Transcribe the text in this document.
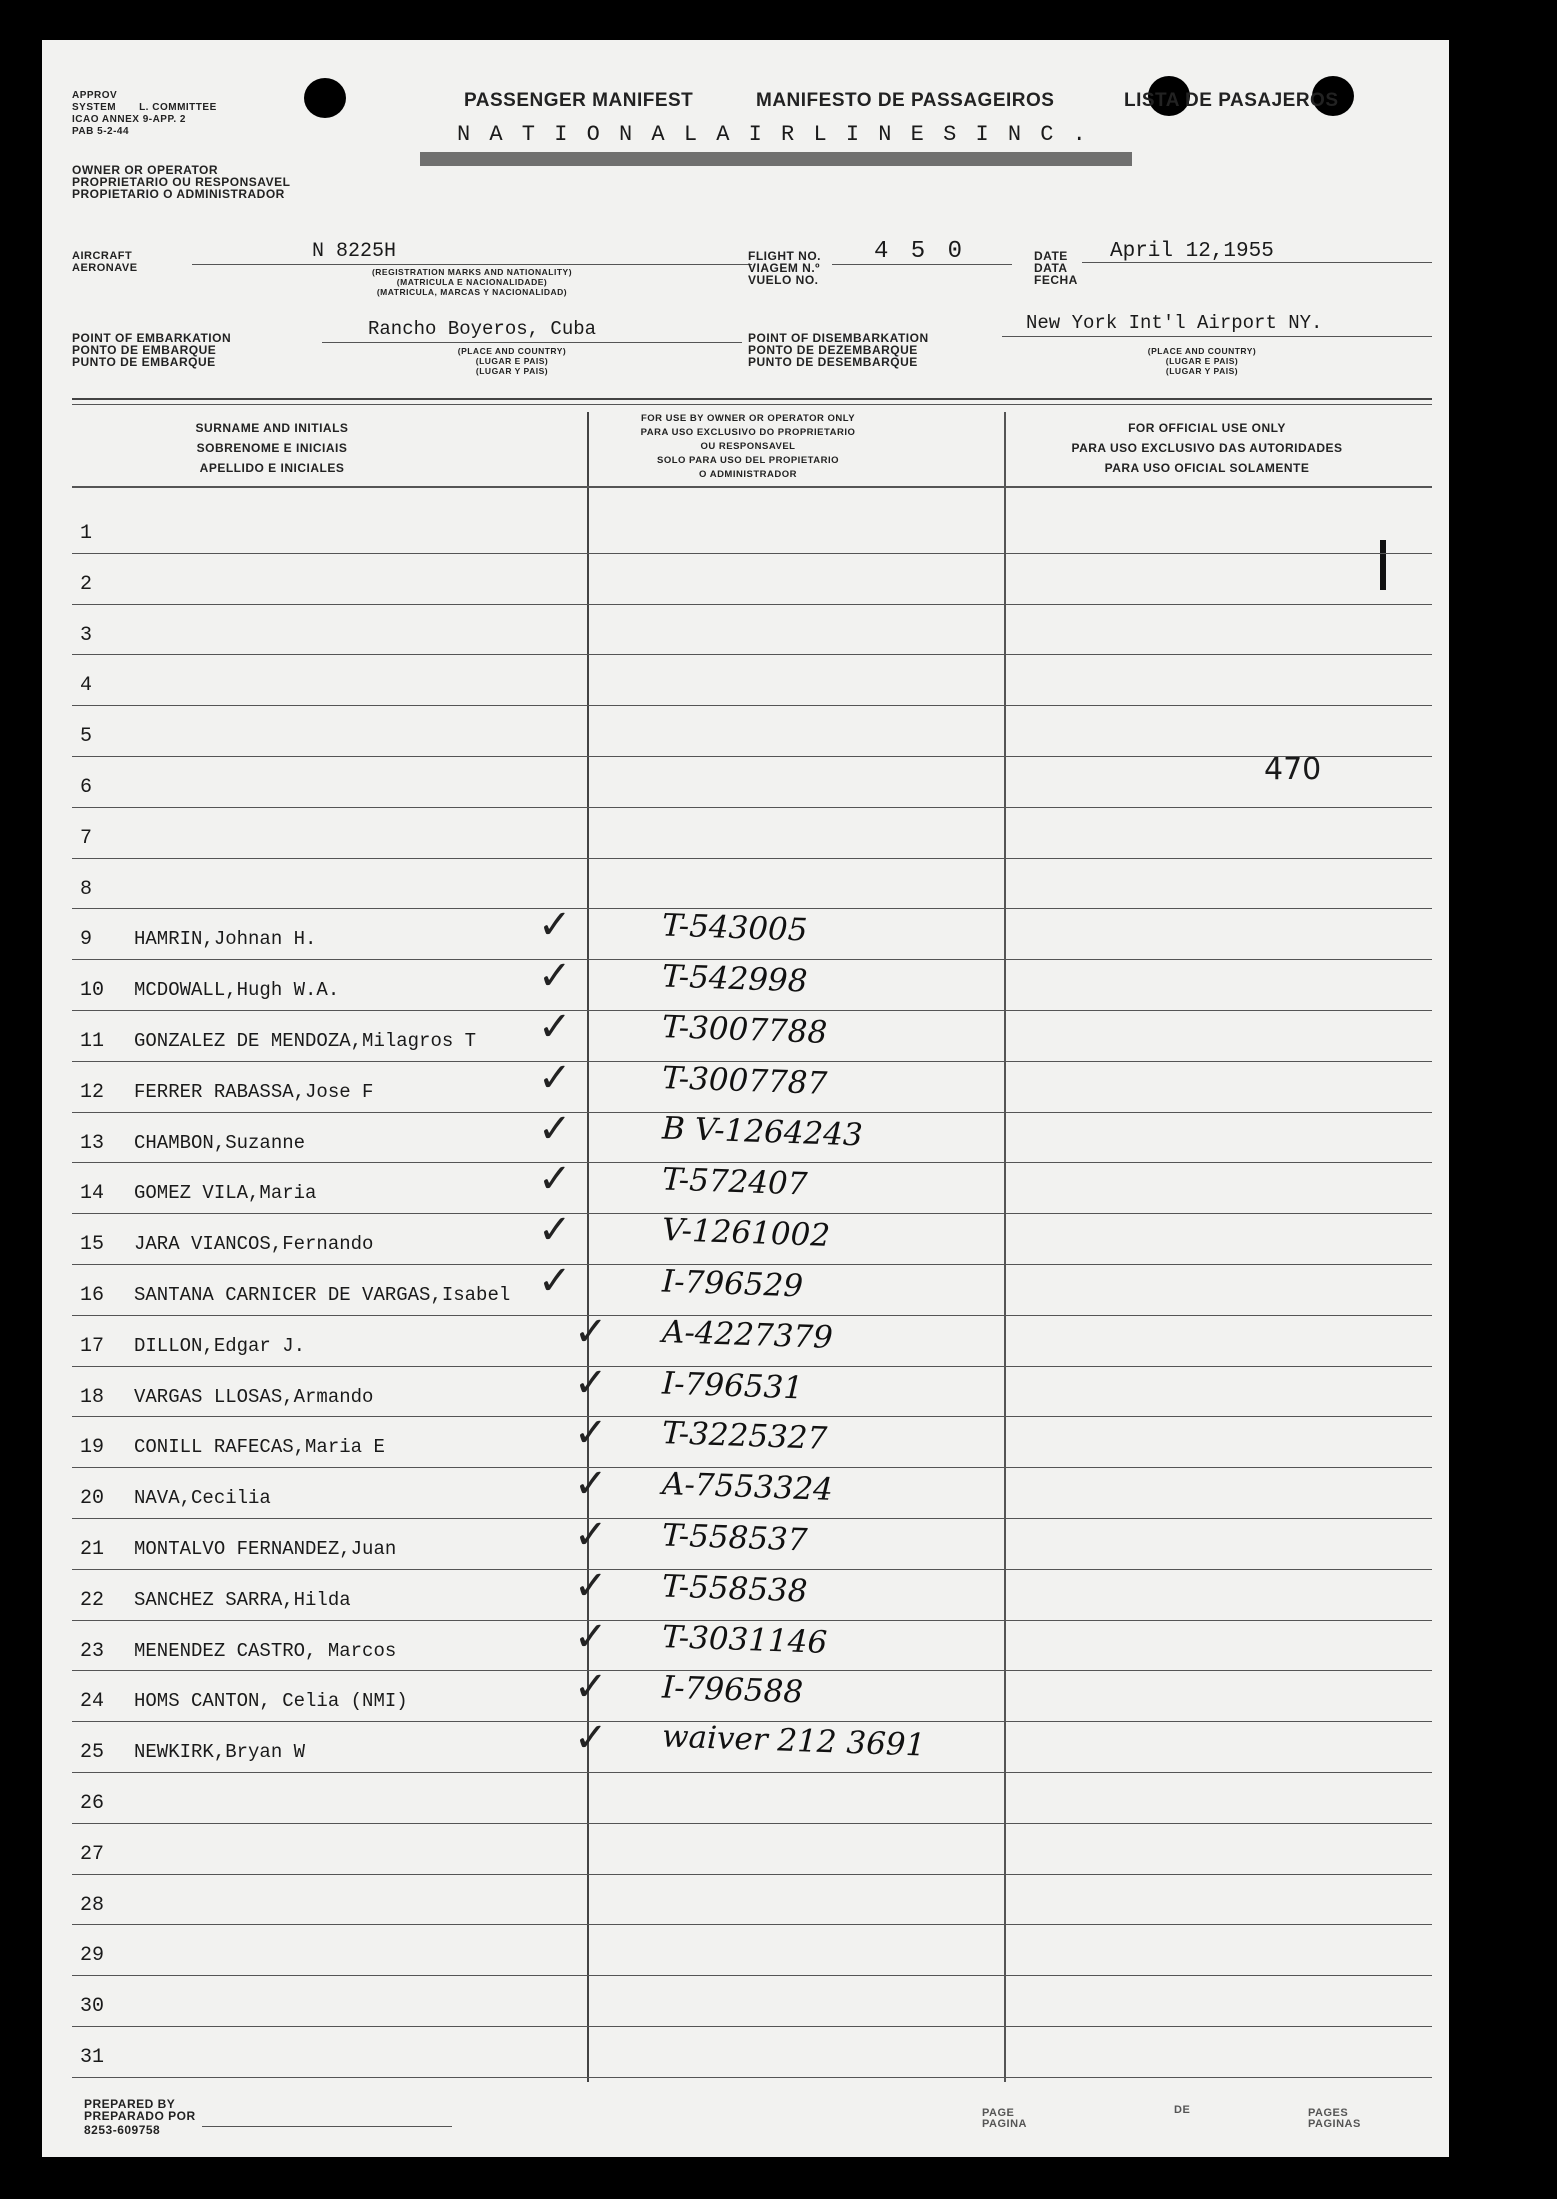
APPROV
SYSTEM L. COMMITTEE
ICAO ANNEX 9-APP. 2
PAB 5-2-44
PASSENGER MANIFEST	MANIFESTO DE PASSAGEIROS	LISTA DE PASAJEROS
N A T I O N A L A I R L I N E S I N C .
OWNER OR OPERATOR
PROPRIETARIO OU RESPONSAVEL
PROPIETARIO O ADMINISTRADOR
AIRCRAFT
AERONAVE
N 8225H
(REGISTRATION MARKS AND NATIONALITY)
(MATRICULA E NACIONALIDADE)
(MATRICULA, MARCAS Y NACIONALIDAD)
FLIGHT NO.
VIAGEM N.º
VUELO NO.
4 5 0	DATE
DATA
FECHA
April 12,1955
POINT OF EMBARKATION
PONTO DE EMBARQUE
PUNTO DE EMBARQUE
Rancho Boyeros, Cuba
(PLACE AND COUNTRY)
(LUGAR E PAIS)
(LUGAR Y PAIS)
POINT OF DISEMBARKATION
PONTO DE DEZEMBARQUE
PUNTO DE DESEMBARQUE
New York Int'l Airport NY.
(PLACE AND COUNTRY)
(LUGAR E PAIS)
(LUGAR Y PAIS)
SURNAME AND INITIALS
SOBRENOME E INICIAIS
APELLIDO E INICIALES
FOR USE BY OWNER OR OPERATOR ONLY
PARA USO EXCLUSIVO DO PROPRIETARIO
OU RESPONSAVEL
SOLO PARA USO DEL PROPIETARIO
O ADMINISTRADOR
FOR OFFICIAL USE ONLY
PARA USO EXCLUSIVO DAS AUTORIDADES
PARA USO OFICIAL SOLAMENTE
470
1
2
3
4
5
6
7
8
9 HAMRIN,Johnan H.	✓	T-543005
10 MCDOWALL,Hugh W.A.	✓	T-542998
11 GONZALEZ DE MENDOZA,Milagros T ✓	T-3007788
12 FERRER RABASSA,Jose F	✓	T-3007787
13 CHAMBON,Suzanne	✓	B V-1264243
14 GOMEZ VILA,Maria	✓	T-572407
15 JARA VIANCOS,Fernando	✓	V-1261002
16 SANTANA CARNICER DE VARGAS,Isabel ✓	I-796529
17 DILLON,Edgar J.	✓ A-4227379
18 VARGAS LLOSAS,Armando	✓ I-796531
19 CONILL RAFECAS,Maria E	✓ T-3225327
20 NAVA,Cecilia	✓ A-7553324
21 MONTALVO FERNANDEZ,Juan	✓ T-558537
22 SANCHEZ SARRA,Hilda	✓ T-558538
23 MENENDEZ CASTRO, Marcos	✓ T-3031146
24 HOMS CANTON, Celia (NMI)	✓ I-796588
25 NEWKIRK,Bryan W	✓ waiver 212 3691
26
27
28
29
30
31
PREPARED BY
PREPARADO POR
8253-609758
PAGE
PAGINA
DE	PAGES
PAGINAS
